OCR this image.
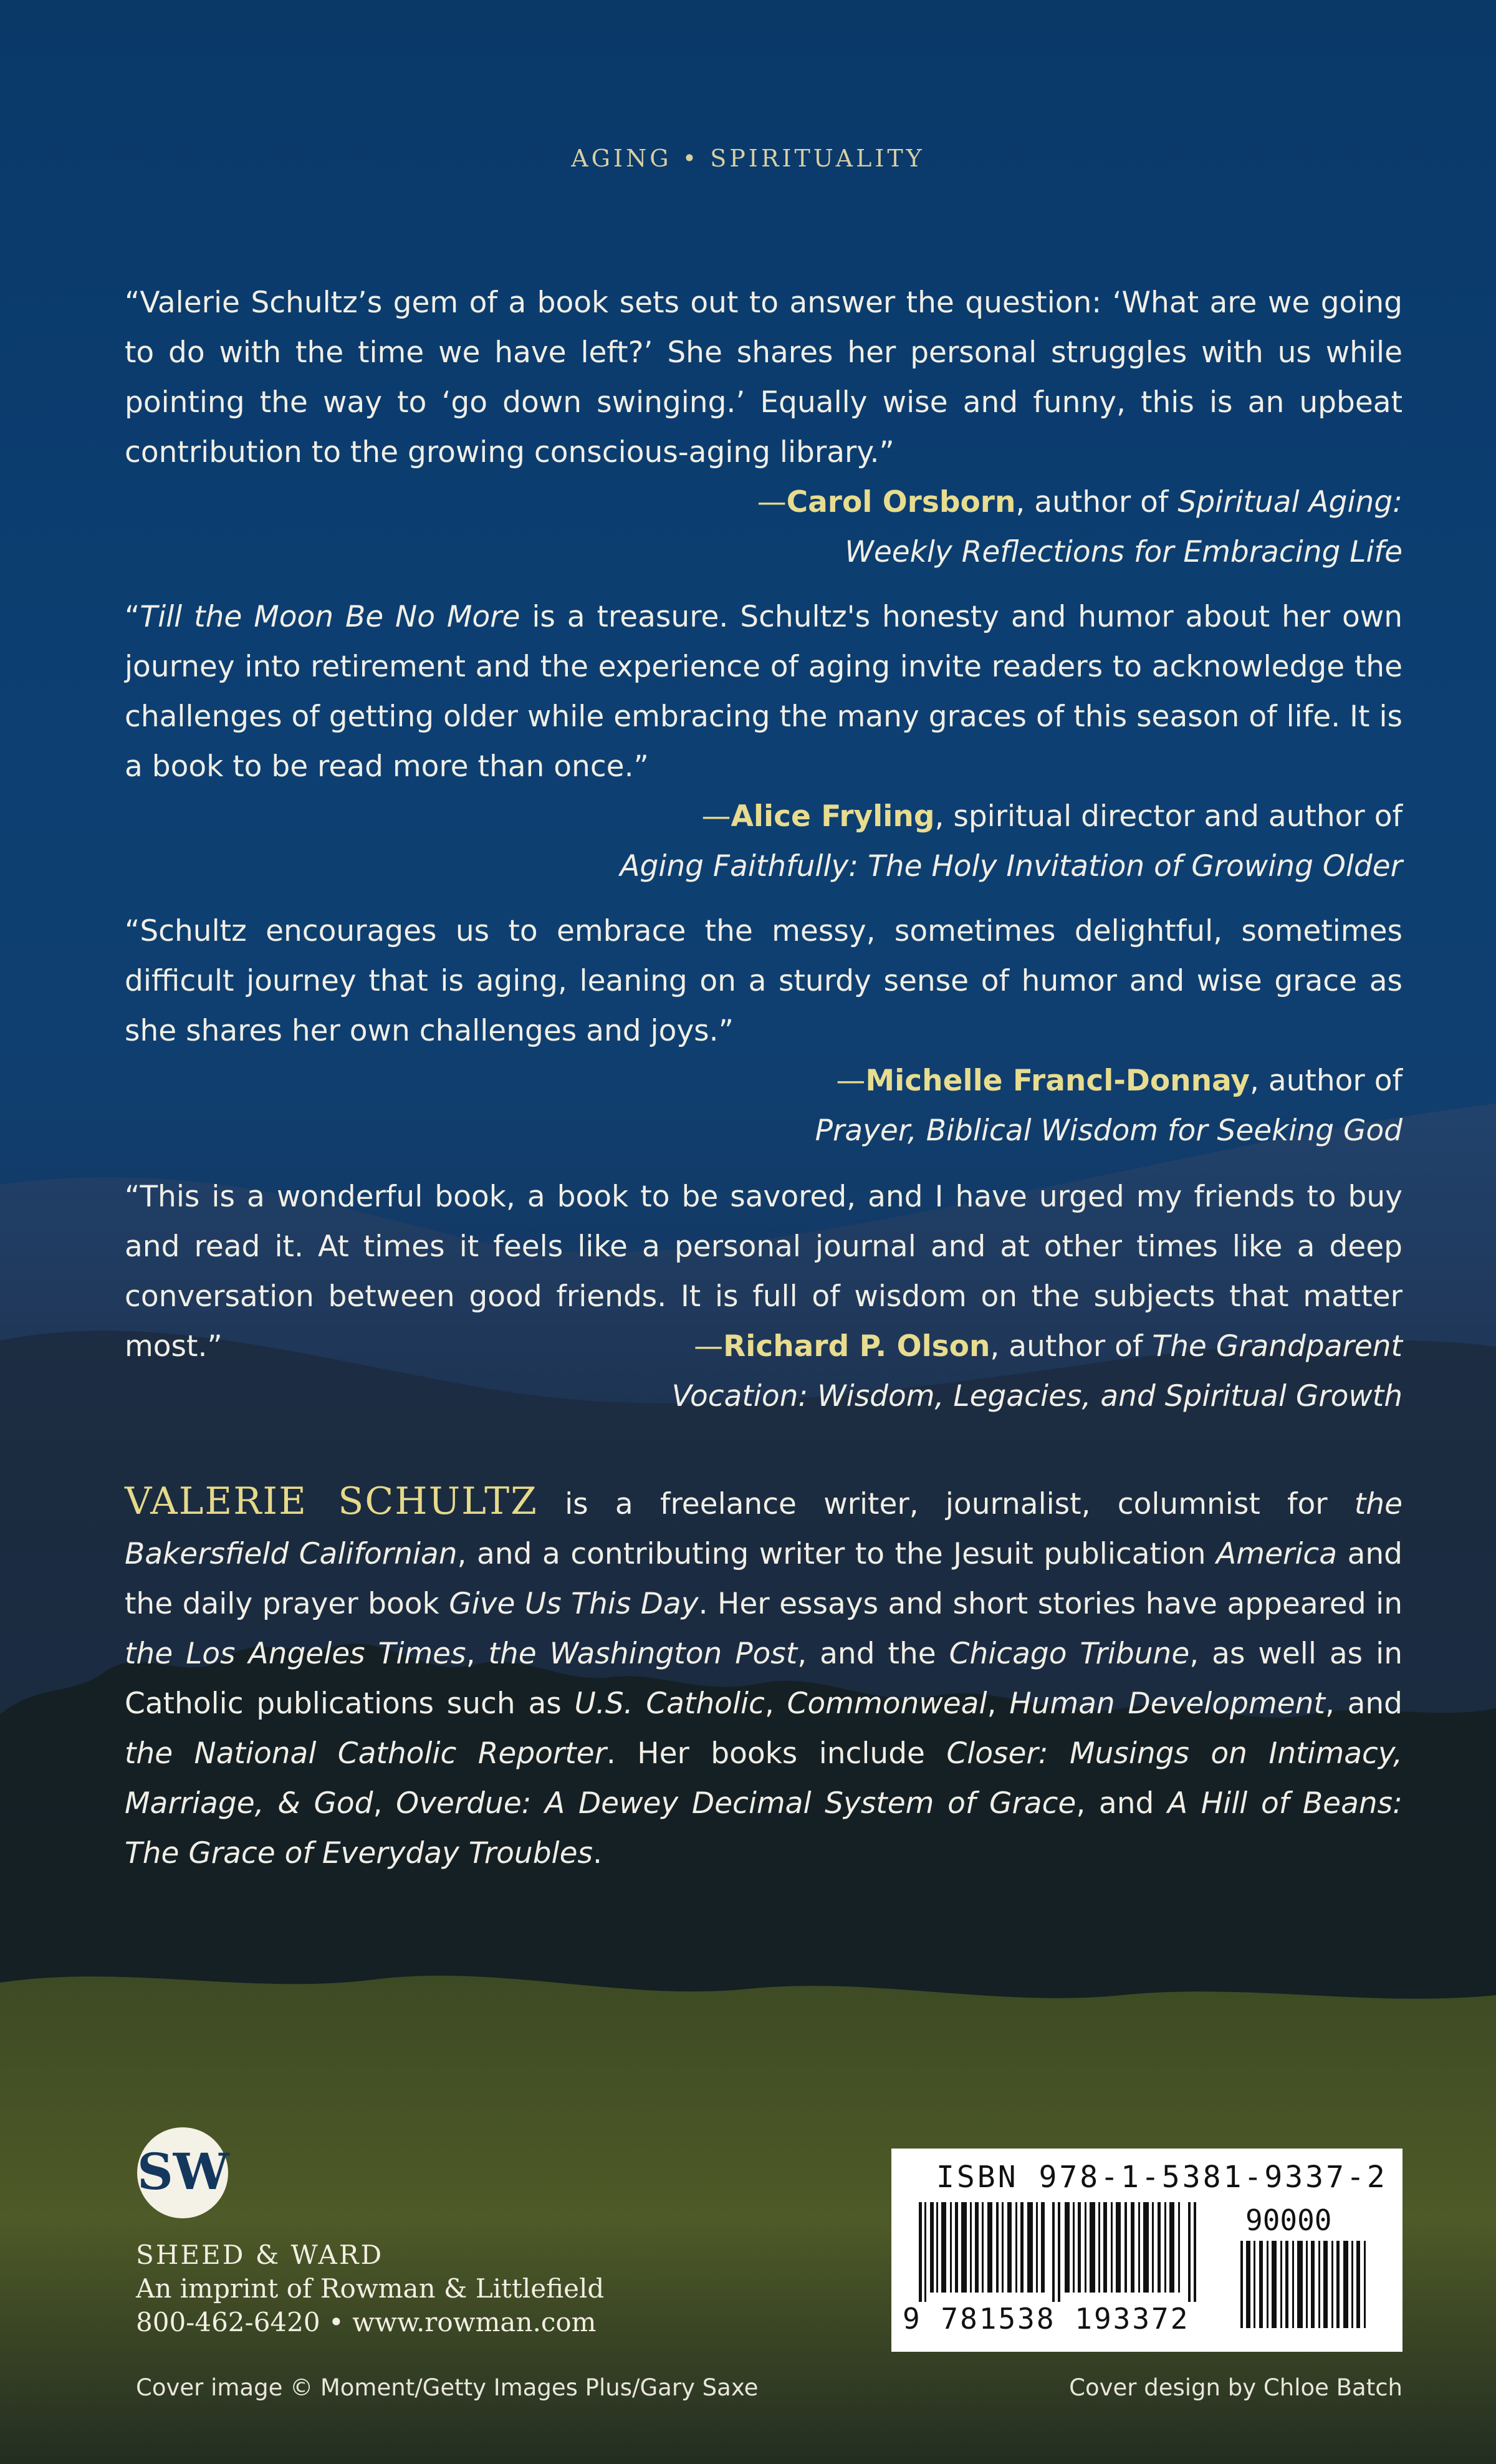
AGING • SPIRITUALITY

“Valerie Schultz’s gem of a book sets out to answer the question: ‘What are we going to do with the time we have left?’ She shares her personal struggles with us while pointing the way to ‘go down swinging.’ Equally wise and funny, this is an upbeat contribution to the growing conscious-aging library.”

—Carol Orsborn, author of Spiritual Aging:
Weekly Reflections for Embracing Life

“Till the Moon Be No More is a treasure. Schultz's honesty and humor about her own journey into retirement and the experience of aging invite readers to acknowledge the challenges of getting older while embracing the many graces of this season of life. It is a book to be read more than once.”

—Alice Fryling, spiritual director and author of
Aging Faithfully: The Holy Invitation of Growing Older

“Schultz encourages us to embrace the messy, sometimes delightful, sometimes difficult journey that is aging, leaning on a sturdy sense of humor and wise grace as she shares her own challenges and joys.”

—Michelle Francl-Donnay, author of
Prayer, Biblical Wisdom for Seeking God

“This is a wonderful book, a book to be savored, and I have urged my friends to buy and read it. At times it feels like a personal journal and at other times like a deep conversation between good friends. It is full of wisdom on the subjects that matter most.”	—Richard P. Olson, author of The Grandparent
Vocation: Wisdom, Legacies, and Spiritual Growth
VALERIE SCHULTZ is a freelance writer, journalist, columnist for the Bakersfield Californian, and a contributing writer to the Jesuit publication America and the daily prayer book Give Us This Day. Her essays and short stories have appeared in the Los Angeles Times, the Washington Post, and the Chicago Tribune, as well as in Catholic publications such as U.S. Catholic, Commonweal, Human Development, and the National Catholic Reporter. Her books include Closer: Musings on Intimacy, Marriage, & God, Overdue: A Dewey Decimal System of Grace, and A Hill of Beans: The Grace of Everyday Troubles.
SW
SHEED & WARD
An imprint of Rowman & Littlefield
800-462-6420 • www.rowman.com
ISBN 978-1-5381-9337-2
90000
9 781538 193372
Cover image © Moment/Getty Images Plus/Gary Saxe	Cover design by Chloe Batch
